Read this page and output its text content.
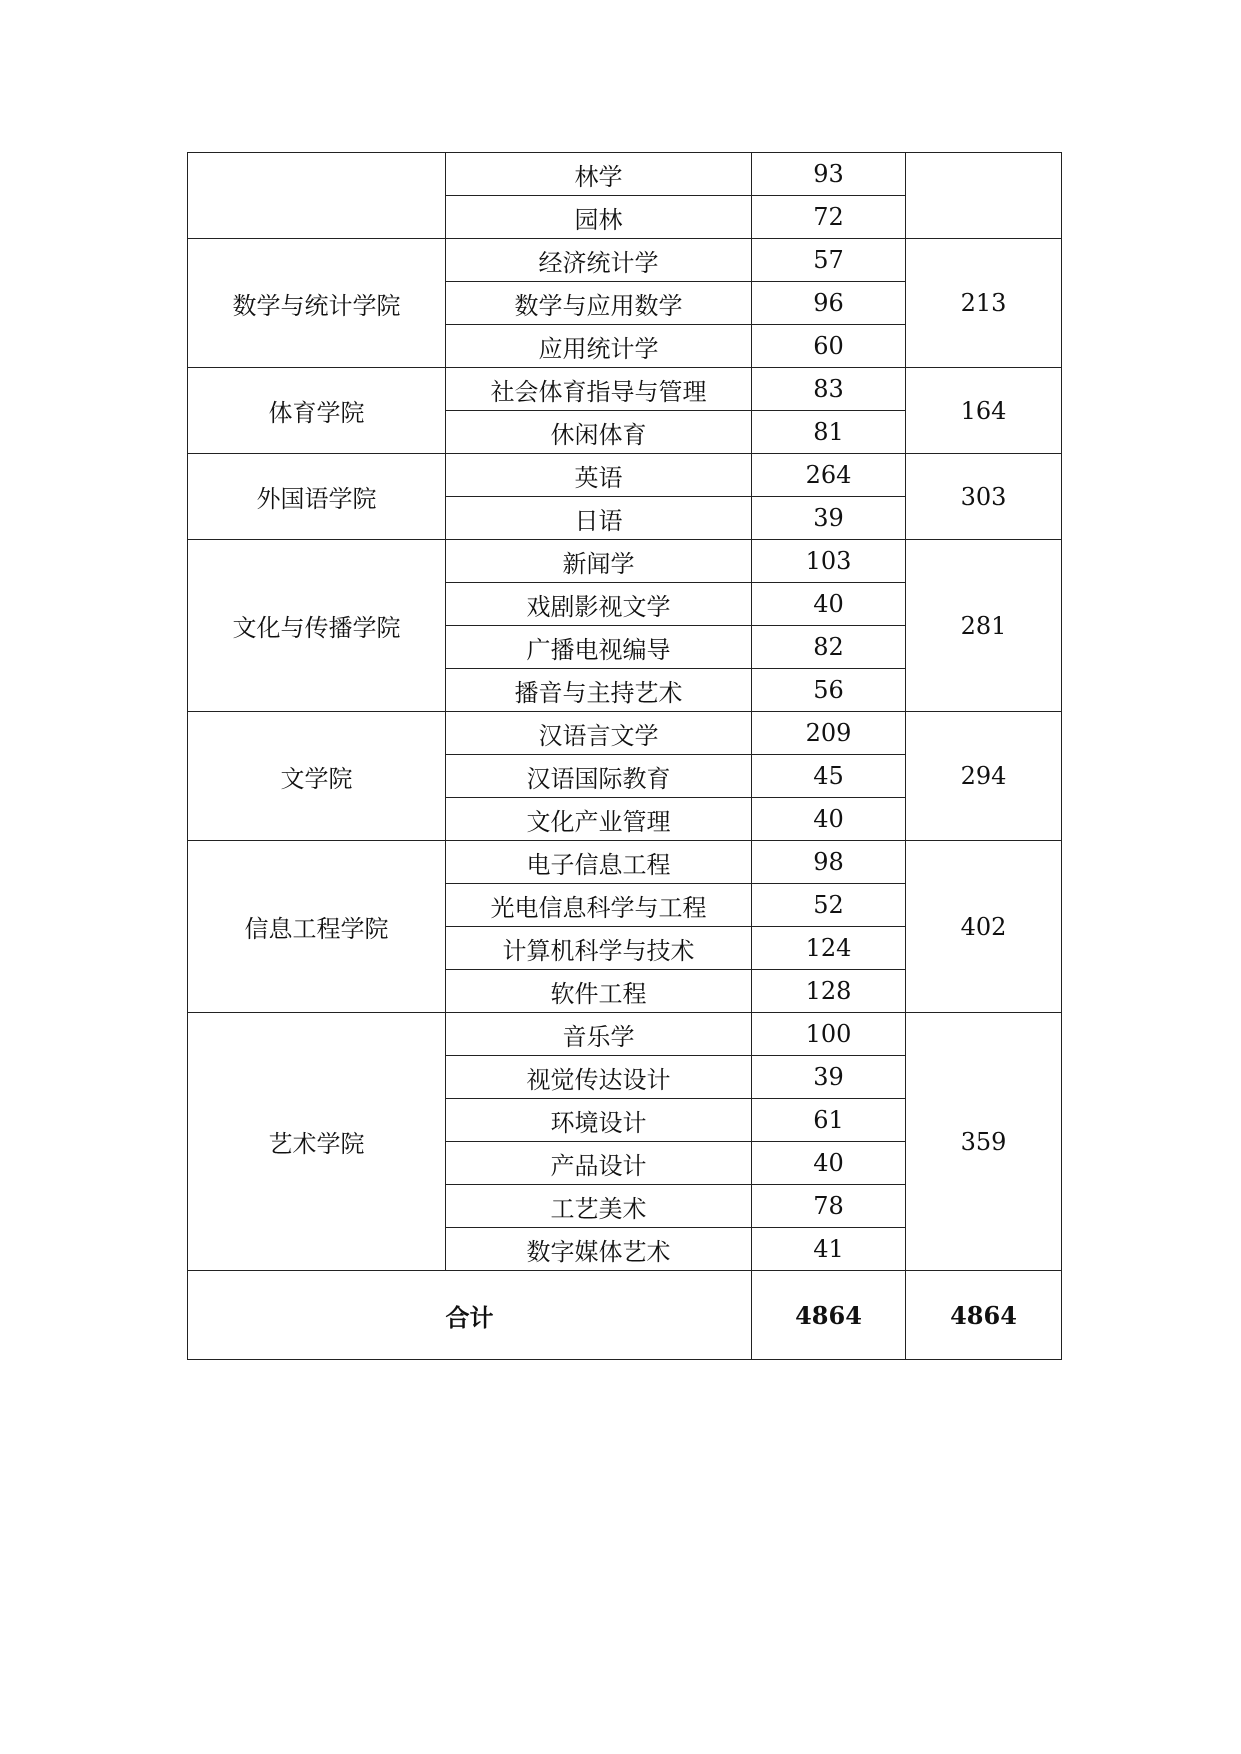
	林学	93	
	园林	72	
数学与统计学院	经济统计学	57	213
	数学与应用数学	96	
	应用统计学	60	
体育学院	社会体育指导与管理	83	164
	休闲体育	81	
外国语学院	英语	264	303
	日语	39	
文化与传播学院	新闻学	103	281
	戏剧影视文学	40	
	广播电视编导	82	
	播音与主持艺术	56	
文学院	汉语言文学	209	294
	汉语国际教育	45	
	文化产业管理	40	
信息工程学院	电子信息工程	98	402
	光电信息科学与工程	52	
	计算机科学与技术	124	
	软件工程	128	
艺术学院	音乐学	100	359
	视觉传达设计	39	
	环境设计	61	
	产品设计	40	
	工艺美术	78	
	数字媒体艺术	41	
合计		4864	4864
